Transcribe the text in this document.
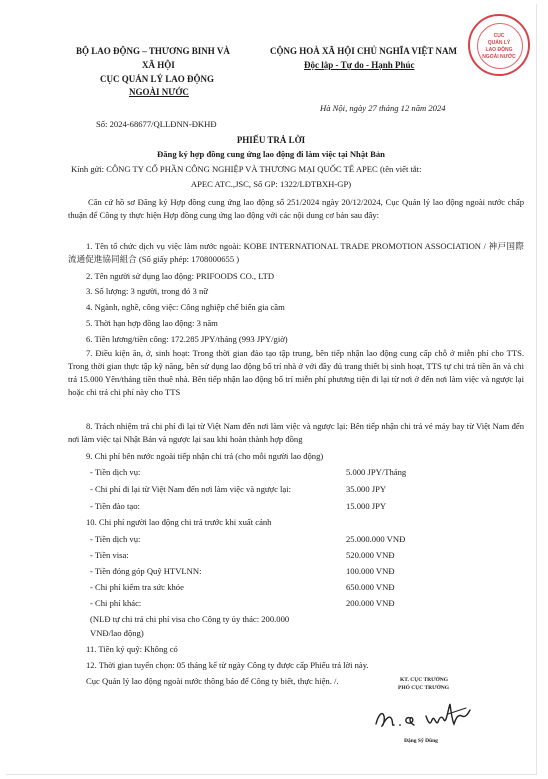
BỘ LAO ĐỘNG – THƯƠNG BINH VÀ
XÃ HỘI
CỤC QUẢN LÝ LAO ĐỘNG
NGOÀI NƯỚC
CỘNG HOÀ XÃ HỘI CHỦ NGHĨA VIỆT NAM
Độc lập - Tự do - Hạnh Phúc
Hà Nội, ngày 27 tháng 12 năm 2024
CỤC
QUẢN LÝ
LAO ĐỘNG
NGOÀI NƯỚC
Số: 2024-68677/QLLĐNN-ĐKHĐ
PHIẾU TRẢ LỜI
Đăng ký hợp đồng cung ứng lao động đi làm việc tại Nhật Bản
Kính gửi: CÔNG TY CỔ PHẦN CÔNG NGHIỆP VÀ THƯƠNG MẠI QUỐC TẾ APEC (tên viết tắt:
APEC ATC.,JSC, Số GP: 1322/LĐTBXH-GP)
Căn cứ hồ sơ Đăng ký Hợp đồng cung ứng lao động số 251/2024 ngày 20/12/2024, Cục Quản lý lao động ngoài nước chấp thuận để Công ty thực hiện Hợp đồng cung ứng lao động với các nội dung cơ bản sau đây:
1. Tên tổ chức dịch vụ việc làm nước ngoài: KOBE INTERNATIONAL TRADE PROMOTION ASSOCIATION / 神戸国際流通促進協同組合 (Số giấy phép: 1708000655 )
2. Tên người sử dụng lao động: PRIFOODS CO., LTD
3. Số lượng: 3 người, trong đó 3 nữ
4. Ngành, nghề, công việc: Công nghiệp chế biến gia cầm
5. Thời hạn hợp đồng lao động: 3 năm
6. Tiền lương/tiền công: 172.285 JPY/tháng (993 JPY/giờ)
7. Điều kiện ăn, ở, sinh hoạt: Trong thời gian đào tạo tập trung, bên tiếp nhận lao động cung cấp chỗ ở miễn phí cho TTS. Trong thời gian thực tập kỹ năng, bên sử dụng lao động bố trí nhà ở với đầy đủ trang thiết bị sinh hoạt, TTS tự chi trả tiền ăn và chi trả 15.000 Yên/tháng tiền thuê nhà. Bên tiếp nhận lao động bố trí miễn phí phương tiện đi lại từ nơi ở đến nơi làm việc và ngược lại hoặc chi trả chi phí này cho TTS
8. Trách nhiệm trả chi phí đi lại từ Việt Nam đến nơi làm việc và ngược lại: Bên tiếp nhận chi trả vé máy bay từ Việt Nam đến nơi làm việc tại Nhật Bản và ngược lại sau khi hoàn thành hợp đồng
9. Chi phí bên nước ngoài tiếp nhận chi trả (cho mỗi người lao động)
- Tiền dịch vụ:	5.000 JPY/Tháng
- Chi phí đi lại từ Việt Nam đến nơi làm việc và ngược lại:	35.000 JPY
- Tiền đào tạo:	15.000 JPY
10. Chi phí người lao động chi trả trước khi xuất cảnh
- Tiền dịch vụ:	25.000.000 VNĐ
- Tiền visa:	520.000 VNĐ
- Tiền đóng góp Quỹ HTVLNN:	100.000 VNĐ
- Chi phí kiểm tra sức khỏe	650.000 VNĐ
- Chi phí khác:	200.000 VNĐ
(NLĐ tự chi trả chi phí visa cho Công ty ủy thác: 200.000
VNĐ/lao động)
11. Tiền ký quỹ: Không có
12. Thời gian tuyển chọn: 05 tháng kể từ ngày Công ty được cấp Phiếu trả lời này.
Cục Quản lý lao động ngoài nước thông báo để Công ty biết, thực hiện. /.	KT. CỤC TRƯỞNG
PHÓ CỤC TRƯỞNG
Đặng Sỹ Dũng
